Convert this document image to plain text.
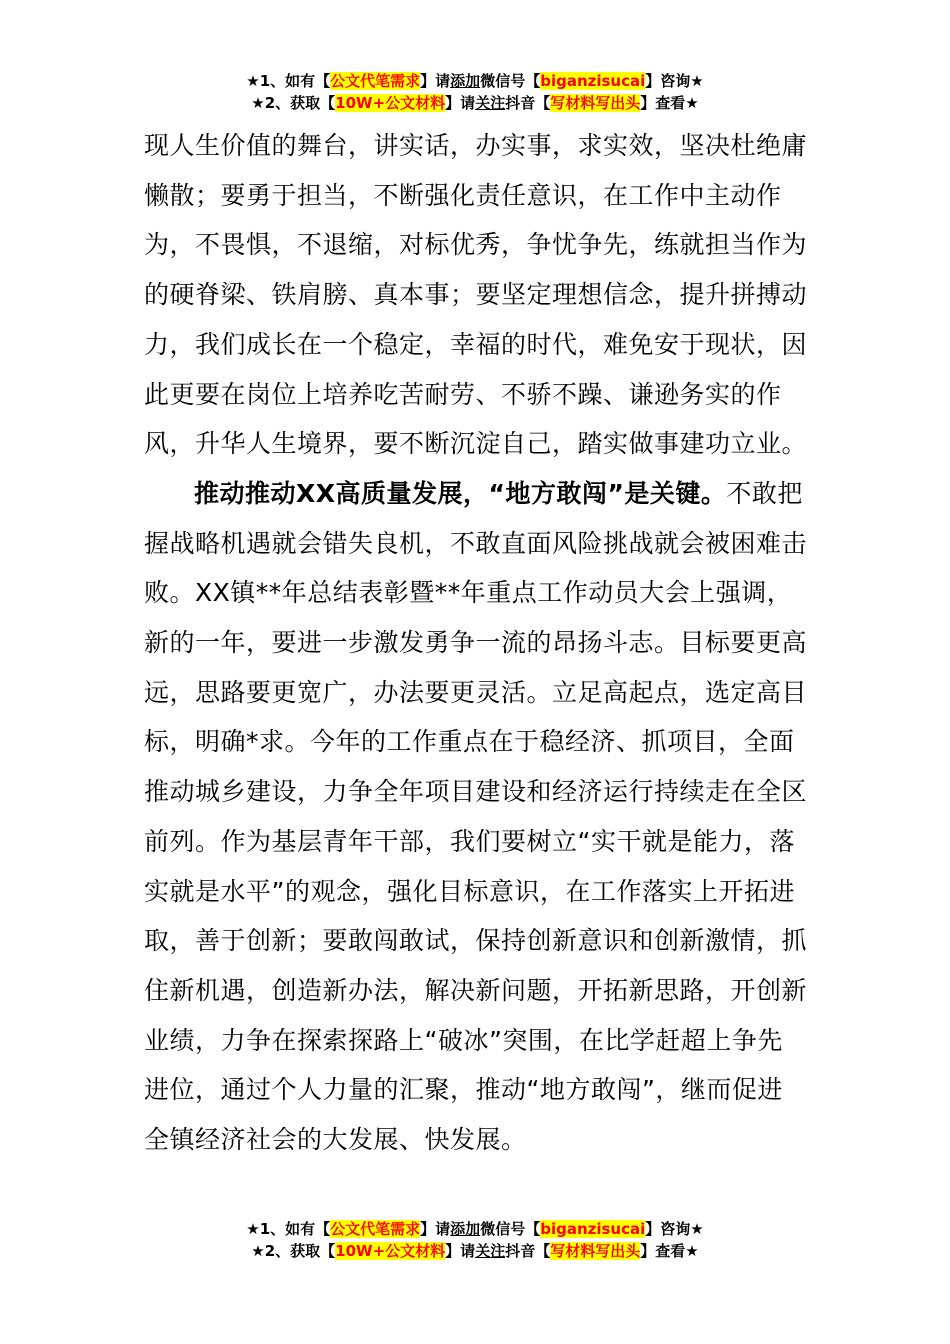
★1、如有【公文代笔需求】请添加微信号【biganzisucai】咨询★
★2、获取【10W+公文材料】请关注抖音【写材料写出头】查看★

现人生价值的舞台，讲实话，办实事，求实效，坚决杜绝庸懒散；要勇于担当，不断强化责任意识，在工作中主动作为，不畏惧，不退缩，对标优秀，争忧争先，练就担当作为的硬脊梁、铁肩膀、真本事；要坚定理想信念，提升拼搏动力，我们成长在一个稳定，幸福的时代，难免安于现状，因此更要在岗位上培养吃苦耐劳、不骄不躁、谦逊务实的作风，升华人生境界，要不断沉淀自己，踏实做事建功立业。

推动推动XX高质量发展，“地方敢闯”是关键。不敢把握战略机遇就会错失良机，不敢直面风险挑战就会被困难击败。XX镇**年总结表彰暨**年重点工作动员大会上强调，新的一年，要进一步激发勇争一流的昂扬斗志。目标要更高远，思路要更宽广，办法要更灵活。立足高起点，选定高目标，明确*求。今年的工作重点在于稳经济、抓项目，全面推动城乡建设，力争全年项目建设和经济运行持续走在全区前列。作为基层青年干部，我们要树立“实干就是能力，落实就是水平”的观念，强化目标意识，在工作落实上开拓进取，善于创新；要敢闯敢试，保持创新意识和创新激情，抓住新机遇，创造新办法，解决新问题，开拓新思路，开创新业绩，力争在探索探路上“破冰”突围，在比学赶超上争先进位，通过个人力量的汇聚，推动“地方敢闯”，继而促进全镇经济社会的大发展、快发展。

★1、如有【公文代笔需求】请添加微信号【biganzisucai】咨询★
★2、获取【10W+公文材料】请关注抖音【写材料写出头】查看★
